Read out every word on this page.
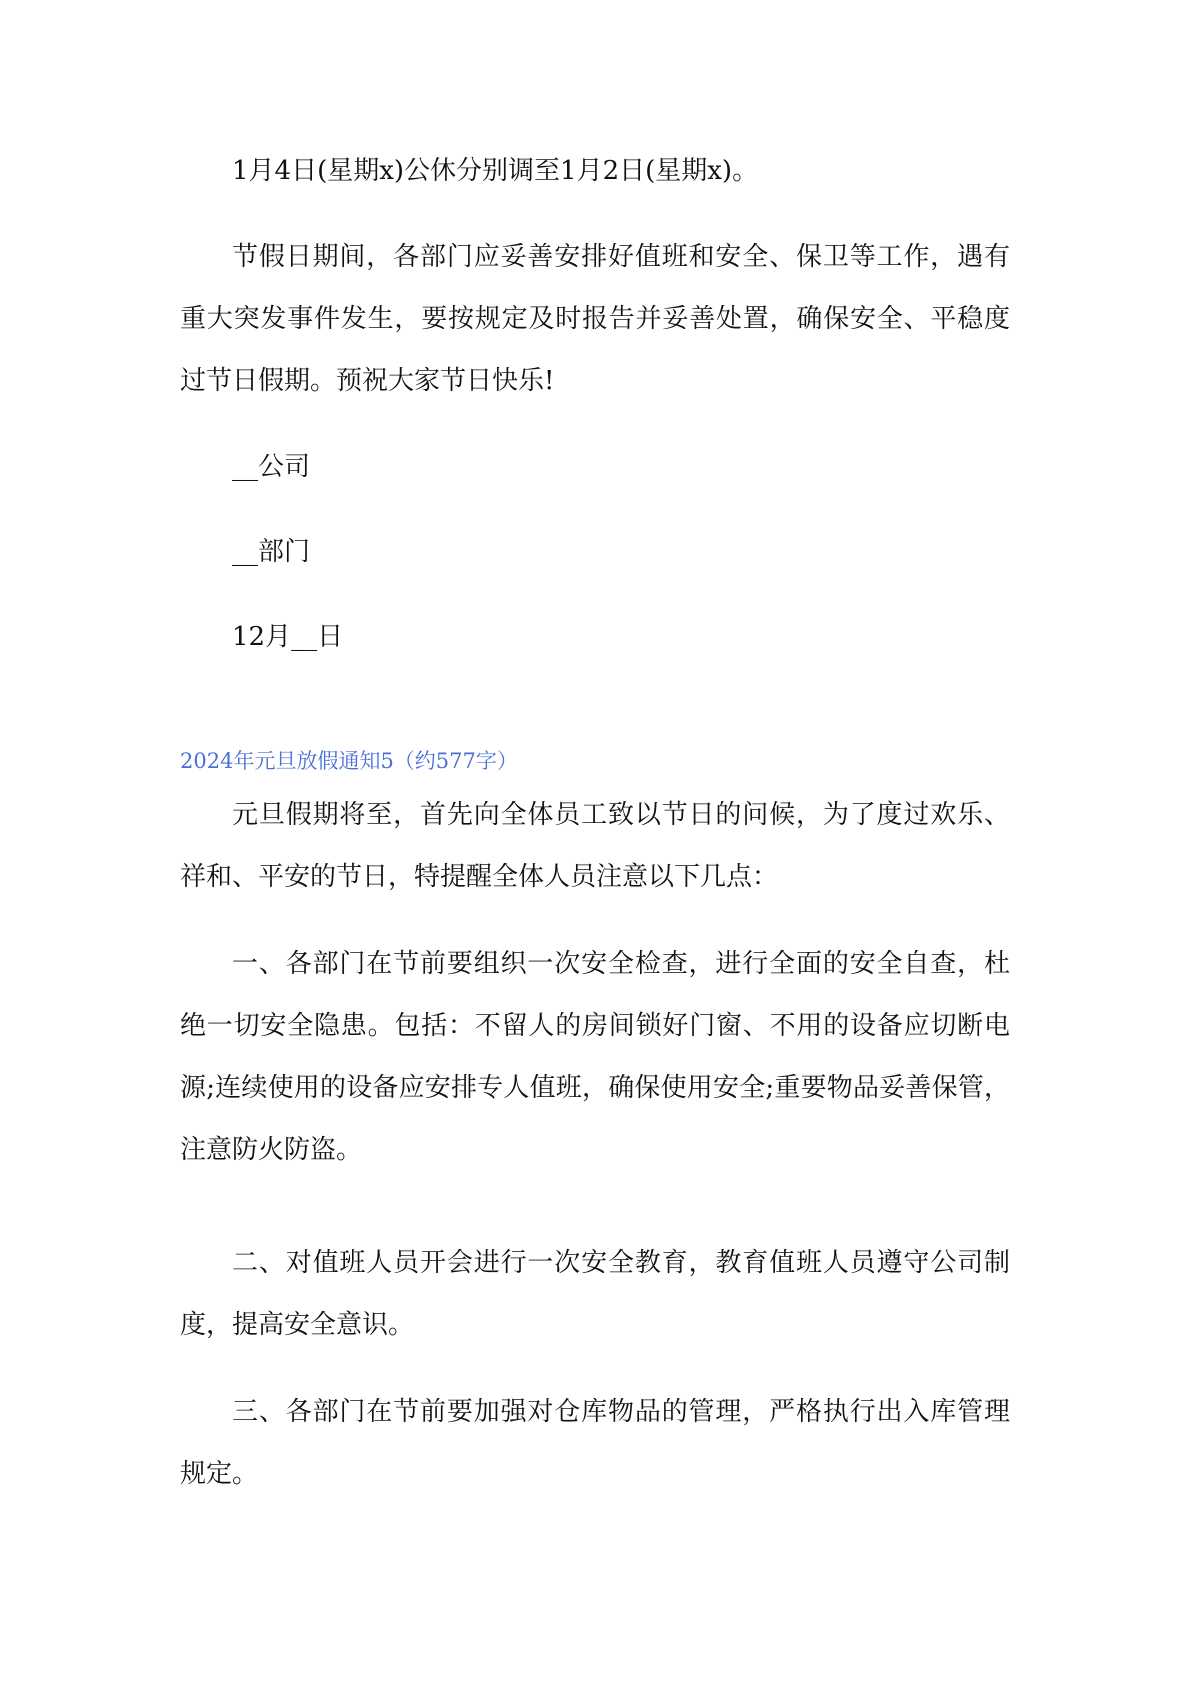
1月4日(星期x)公休分别调至1月2日(星期x)。

节假日期间，各部门应妥善安排好值班和安全、保卫等工作，遇有重大突发事件发生，要按规定及时报告并妥善处置，确保安全、平稳度过节日假期。预祝大家节日快乐!

__公司

__部门

12月__日

2024年元旦放假通知5（约577字）

元旦假期将至，首先向全体员工致以节日的问候，为了度过欢乐、祥和、平安的节日，特提醒全体人员注意以下几点：

一、各部门在节前要组织一次安全检查，进行全面的安全自查，杜绝一切安全隐患。包括：不留人的房间锁好门窗、不用的设备应切断电源;连续使用的设备应安排专人值班，确保使用安全;重要物品妥善保管，注意防火防盗。

二、对值班人员开会进行一次安全教育，教育值班人员遵守公司制度，提高安全意识。

三、各部门在节前要加强对仓库物品的管理，严格执行出入库管理规定。
